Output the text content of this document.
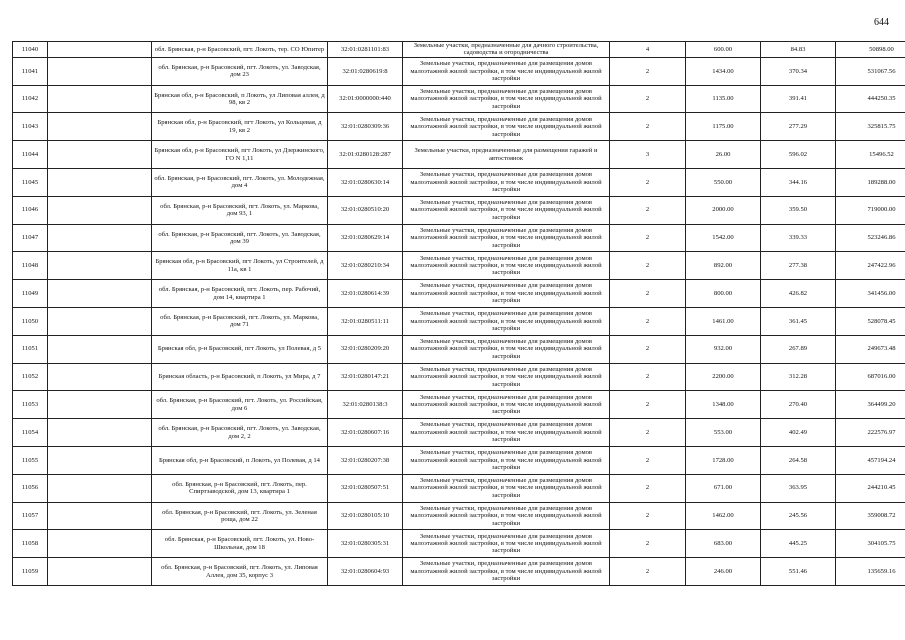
644
11040		обл. Брянская, р-н Брасовский, пгт. Локоть, тер. СО Юпитер	32:01:0281101:83	Земельные участки, предназначенные для дачного строительства, садоводства и огородничества	4	600.00	84.83	50898.00
11041		обл. Брянская, р-н Брасовский, пгт. Локоть, ул. Заводская, дом 23	32:01:0280619:8	Земельные участки, предназначенные для размещения домов малоэтажной жилой застройки, в том числе индивидуальной жилой застройки	2	1434.00	370.34	531067.56
11042		Брянская обл, р-н Брасовский, п Локоть, ул Липовая аллея, д 98, кв 2	32:01:0000000:440	Земельные участки, предназначенные для размещения домов малоэтажной жилой застройки, в том числе индивидуальной жилой застройки	2	1135.00	391.41	444250.35
11043		Брянская обл, р-н Брасовский, пгт Локоть, ул Кольцевая, д 19, кв 2	32:01:0280309:36	Земельные участки, предназначенные для размещения домов малоэтажной жилой застройки, в том числе индивидуальной жилой застройки	2	1175.00	277.29	325815.75
11044		Брянская обл, р-н Брасовский, пгт Локоть, ул Дзержинского, ГО N 1,11	32:01:0280128:287	Земельные участки, предназначенные для размещения гаражей и автостоянок	3	26.00	596.02	15496.52
11045		обл. Брянская, р-н Брасовский, пгт. Локоть, ул. Молодежная, дом 4	32:01:0280630:14	Земельные участки, предназначенные для размещения домов малоэтажной жилой застройки, в том числе индивидуальной жилой застройки	2	550.00	344.16	189288.00
11046		обл. Брянская, р-н Брасовский, пгт. Локоть, ул. Маркова, дом 93, 1	32:01:0280510:20	Земельные участки, предназначенные для размещения домов малоэтажной жилой застройки, в том числе индивидуальной жилой застройки	2	2000.00	359.50	719000.00
11047		обл. Брянская, р-н Брасовский, пгт. Локоть, ул. Заводская, дом 39	32:01:0280629:14	Земельные участки, предназначенные для размещения домов малоэтажной жилой застройки, в том числе индивидуальной жилой застройки	2	1542.00	339.33	523246.86
11048		Брянская обл, р-н Брасовский, пгт Локоть, ул Строителей, д 11а, кв 1	32:01:0280210:34	Земельные участки, предназначенные для размещения домов малоэтажной жилой застройки, в том числе индивидуальной жилой застройки	2	892.00	277.38	247422.96
11049		обл. Брянская, р-н Брасовский, пгт. Локоть, пер. Рабочий, дом 14, квартира 1	32:01:0280614:39	Земельные участки, предназначенные для размещения домов малоэтажной жилой застройки, в том числе индивидуальной жилой застройки	2	800.00	426.82	341456.00
11050		обл. Брянская, р-н Брасовский, пгт. Локоть, ул. Маркова, дом 71	32:01:0280511:11	Земельные участки, предназначенные для размещения домов малоэтажной жилой застройки, в том числе индивидуальной жилой застройки	2	1461.00	361.45	528078.45
11051		Брянская обл, р-н Брасовский, пгт Локоть, ул Полевая, д 5	32:01:0280209:20	Земельные участки, предназначенные для размещения домов малоэтажной жилой застройки, в том числе индивидуальной жилой застройки	2	932.00	267.89	249673.48
11052		Брянская область, р-н Брасовский, п Локоть, ул Мира, д 7	32:01:0280147:21	Земельные участки, предназначенные для размещения домов малоэтажной жилой застройки, в том числе индивидуальной жилой застройки	2	2200.00	312.28	687016.00
11053		обл. Брянская, р-н Брасовский, пгт. Локоть, ул. Российская, дом 6	32:01:0280138:3	Земельные участки, предназначенные для размещения домов малоэтажной жилой застройки, в том числе индивидуальной жилой застройки	2	1348.00	270.40	364499.20
11054		обл. Брянская, р-н Брасовский, пгт. Локоть, ул. Заводская, дом 2, 2	32:01:0280607:16	Земельные участки, предназначенные для размещения домов малоэтажной жилой застройки, в том числе индивидуальной жилой застройки	2	553.00	402.49	222576.97
11055		Брянская обл, р-н Брасовский, п Локоть, ул Полевая, д 14	32:01:0280207:38	Земельные участки, предназначенные для размещения домов малоэтажной жилой застройки, в том числе индивидуальной жилой застройки	2	1728.00	264.58	457194.24
11056		обл. Брянская, р-н Брасовский, пгт. Локоть, пер. Спиртзаводской, дом 13, квартира 1	32:01:0280507:51	Земельные участки, предназначенные для размещения домов малоэтажной жилой застройки, в том числе индивидуальной жилой застройки	2	671.00	363.95	244210.45
11057		обл. Брянская, р-н Брасовский, пгт. Локоть, ул. Зеленая роща, дом 22	32:01:0280105:10	Земельные участки, предназначенные для размещения домов малоэтажной жилой застройки, в том числе индивидуальной жилой застройки	2	1462.00	245.56	359008.72
11058		обл. Брянская, р-н Брасовский, пгт. Локоть, ул. Ново-Школьная, дом 18	32:01:0280305:31	Земельные участки, предназначенные для размещения домов малоэтажной жилой застройки, в том числе индивидуальной жилой застройки	2	683.00	445.25	304105.75
11059		обл. Брянская, р-н Брасовский, пгт. Локоть, ул. Липовая Аллея, дом 35, корпус 3	32:01:0280604:93	Земельные участки, предназначенные для размещения домов малоэтажной жилой застройки, в том числе индивидуальной жилой застройки	2	246.00	551.46	135659.16
